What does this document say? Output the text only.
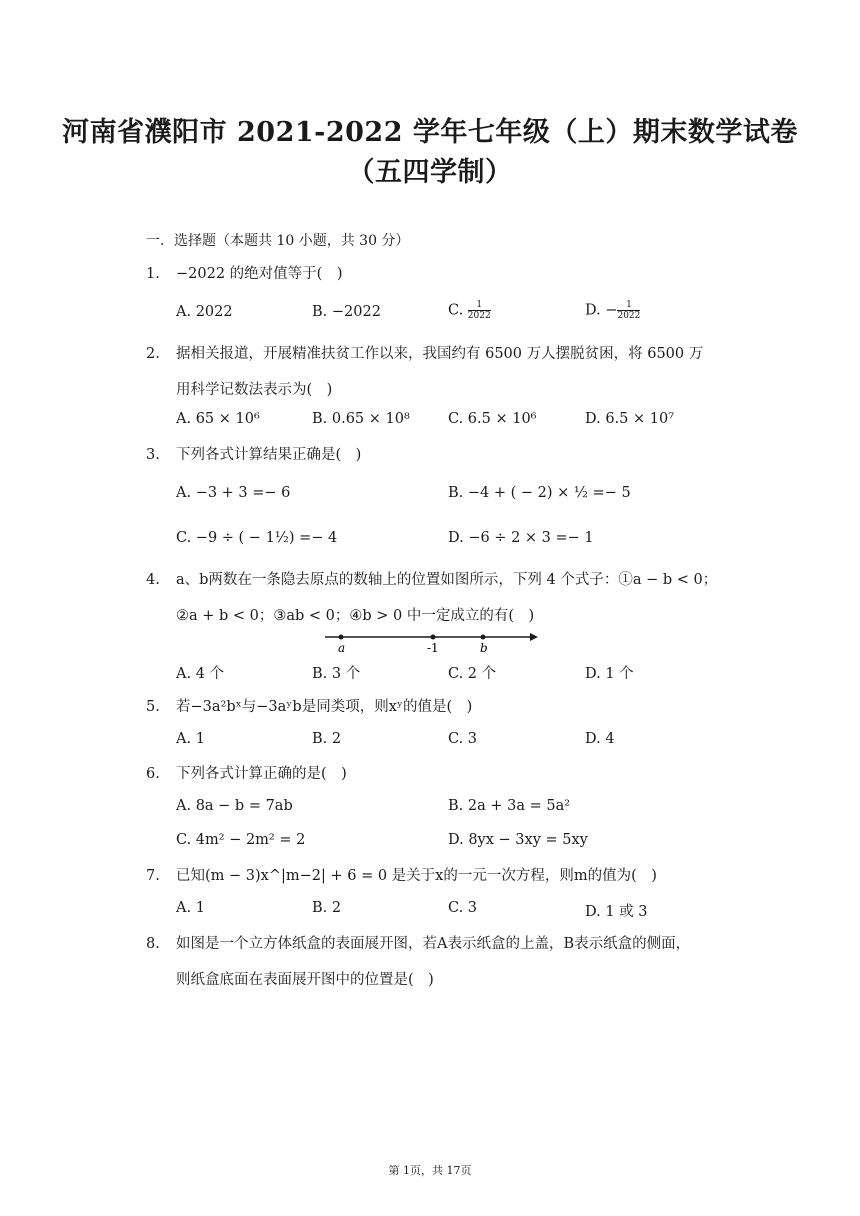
河南省濮阳市 2021-2022 学年七年级（上）期末数学试卷
（五四学制）
一．选择题（本题共 10 小题，共 30 分）
1. −2022 的绝对值等于(　)
A. 2022	B. −2022	C. $\frac{1}{2022}$	D. − $\frac{1}{2022}$
2. 据相关报道，开展精准扶贫工作以来，我国约有 6500 万人摆脱贫困，将 6500 万
用科学记数法表示为(　)
A. 65 × 10⁶	B. 0.65 × 10⁸	C. 6.5 × 10⁶	D. 6.5 × 10⁷
3. 下列各式计算结果正确是(　)
A. −3 + 3 =− 6	B. −4 + ( − 2) × ½ =− 5
C. −9 ÷ ( − 1½) =− 4	D. −6 ÷ 2 × 3 =− 1
4. a、b两数在一条隐去原点的数轴上的位置如图所示，下列 4 个式子：①a − b < 0；
②a + b < 0；③ab < 0；④b > 0 中一定成立的有(　)
a	-1	b
A. 4 个	B. 3 个	C. 2 个	D. 1 个
5. 若−3a²bˣ与−3aʸb是同类项，则xʸ的值是(　)
A. 1	B. 2	C. 3	D. 4
6. 下列各式计算正确的是(　)
A. 8a − b = 7ab	B. 2a + 3a = 5a²
C. 4m² − 2m² = 2	D. 8yx − 3xy = 5xy
7. 已知(m − 3)x^|m−2| + 6 = 0 是关于x的一元一次方程，则m的值为(　)
A. 1	B. 2	C. 3	D. 1 或 3
8. 如图是一个立方体纸盒的表面展开图，若A表示纸盒的上盖，B表示纸盒的侧面，
则纸盒底面在表面展开图中的位置是(　)
第 1页，共 17页
